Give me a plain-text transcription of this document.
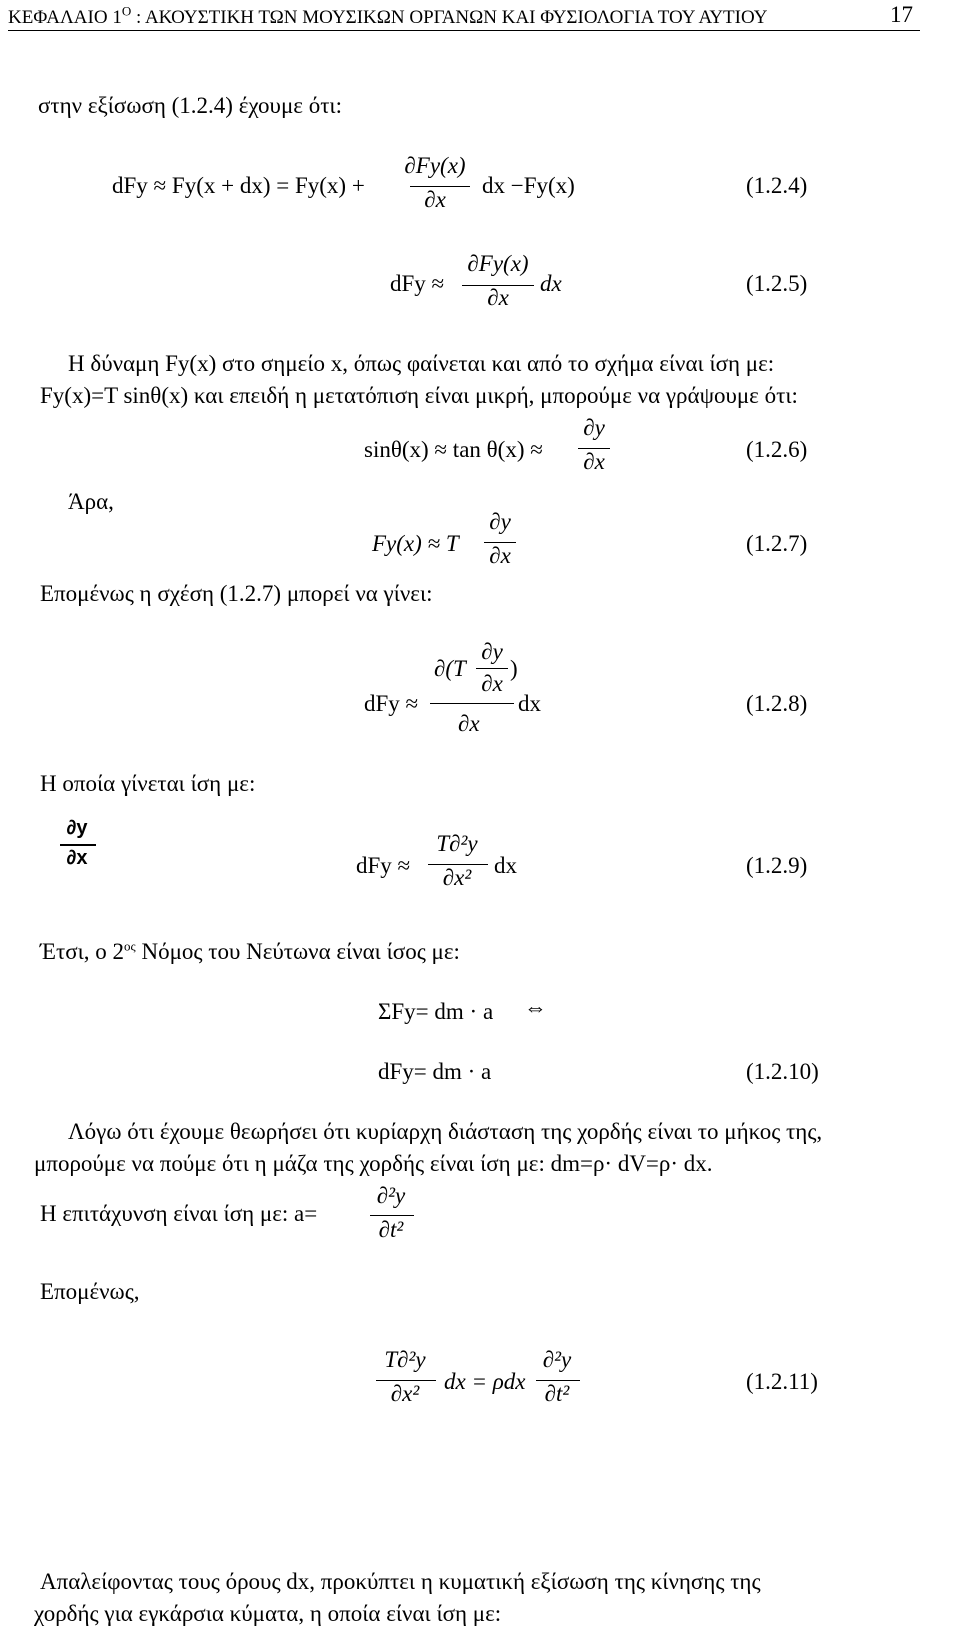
ΚΕΦΑΛΑΙΟ $1^O$ : ΑΚΟΥΣΤΙΚΗ ΤΩΝ ΜΟΥΣΙΚΩΝ ΟΡΓΑΝΩΝ ΚΑΙ ΦΥΣΙΟΛΟΓΙΑ ΤΟΥ ΑΥΤΙΟΥ	17
στην εξίσωση (1.2.4) έχουμε ότι:
dFy ≈ Fy(x + dx) = Fy(x) +
∂Fy(x)
∂x
dx −Fy(x)	(1.2.4)
dFy ≈
∂Fy(x)
∂x
dx	(1.2.5)
Η δύναμη Fy(x) στο σημείο x, όπως φαίνεται και από το σχήμα είναι ίση με:
Fy(x)=T sinθ(x) και επειδή η μετατόπιση είναι μικρή, μπορούμε να γράψουμε ότι:
sinθ(x) ≈ tan θ(x) ≈
∂y
∂x	(1.2.6)
Άρα,
Fy(x) ≈ T
∂y
∂x	(1.2.7)
Επομένως η σχέση (1.2.7) μπορεί να γίνει:
dFy ≈
∂(T
∂y
∂x
)
∂x
dx	(1.2.8)
Η οποία γίνεται ίση με:
∂y
∂x	dFy ≈
T∂²y
∂x² dx	(1.2.9)
Έτσι, ο $2^{o\varsigma}$ Νόμος του Νεύτωνα είναι ίσος με:
ΣFy= dm · a ⇔
dFy= dm · a	(1.2.10)
Λόγω ότι έχουμε θεωρήσει ότι κυρίαρχη διάσταση της χορδής είναι το μήκος της,
μπορούμε να πούμε ότι η μάζα της χορδής είναι ίση με: dm=ρ· dV=ρ· dx.
Η επιτάχυνση είναι ίση με: a=
∂²y
∂t²
Επομένως,
T∂²y
∂x²	dx = ρdx
∂²y
∂t²	(1.2.11)
Απαλείφοντας τους όρους dx, προκύπτει η κυματική εξίσωση της κίνησης της
χορδής για εγκάρσια κύματα, η οποία είναι ίση με:
